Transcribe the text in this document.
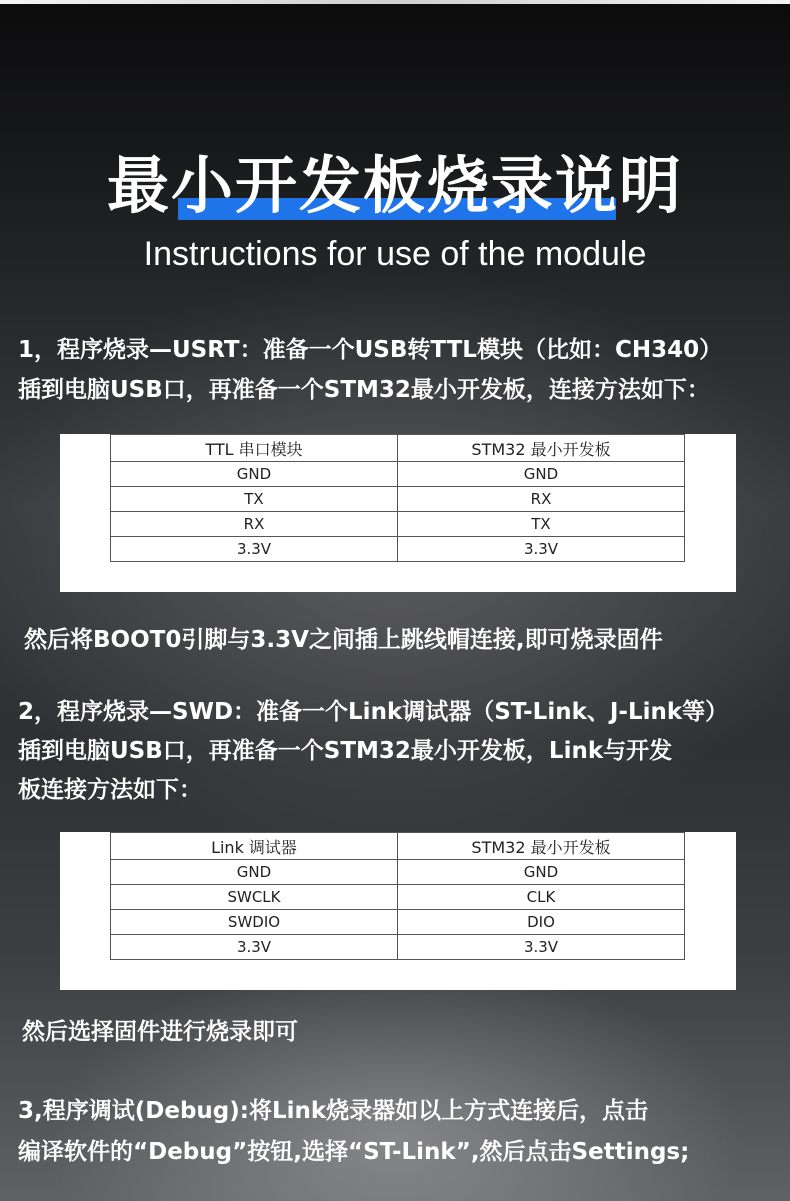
最小开发板烧录说明
Instructions for use of the module
1，程序烧录—USRT：准备一个USB转TTL模块（比如：CH340）
插到电脑USB口，再准备一个STM32最小开发板，连接方法如下：
TTL 串口模块	STM32 最小开发板
GND	GND
TX	RX
RX	TX
3.3V	3.3V
然后将BOOT0引脚与3.3V之间插上跳线帽连接,即可烧录固件
2，程序烧录—SWD：准备一个Link调试器（ST-Link、J-Link等）
插到电脑USB口，再准备一个STM32最小开发板，Link与开发
板连接方法如下：
Link 调试器	STM32 最小开发板
GND	GND
SWCLK	CLK
SWDIO	DIO
3.3V	3.3V
然后选择固件进行烧录即可
3,程序调试(Debug):将Link烧录器如以上方式连接后，点击
编译软件的“Debug”按钮,选择“ST-Link”,然后点击Settings;
